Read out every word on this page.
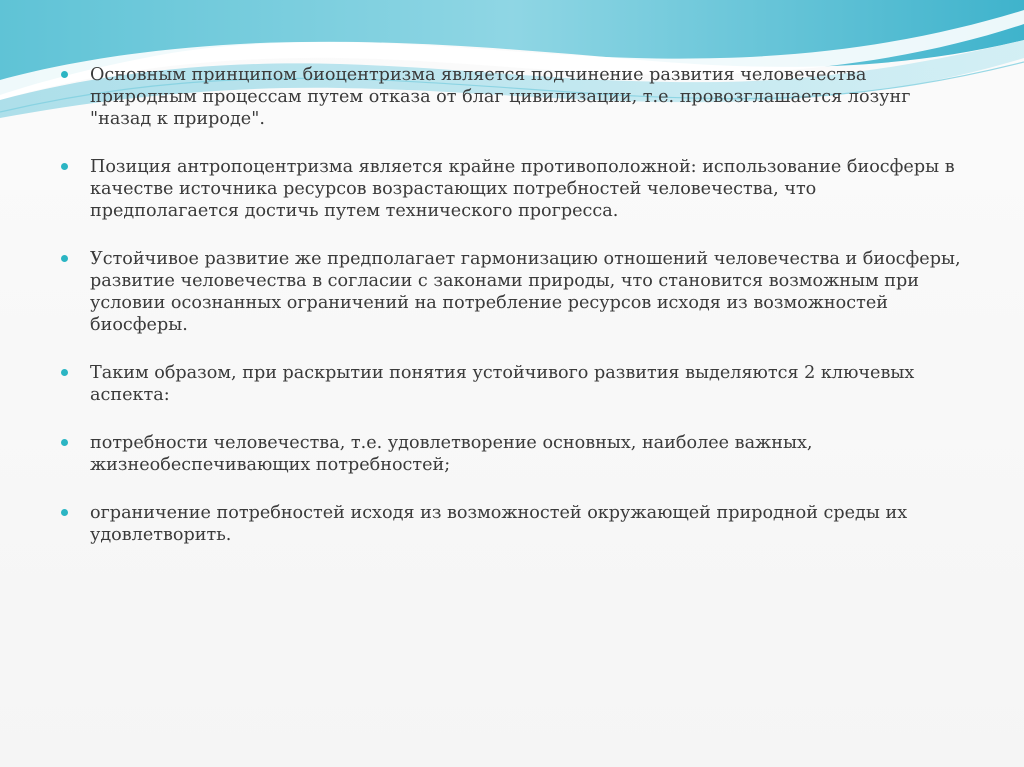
Основным принципом биоцентризма является подчинение развития человечества природным процессам путем отказа от благ цивилизации, т.е. провозглашается лозунг "назад к природе".
Позиция антропоцентризма является крайне противоположной: использование биосферы в качестве источника ресурсов возрастающих потребностей человечества, что предполагается достичь путем технического прогресса.
Устойчивое развитие же предполагает гармонизацию отношений человечества и биосферы, развитие человечества в согласии с законами природы, что становится возможным при условии осознанных ограничений на потребление ресурсов исходя из возможностей биосферы.
Таким образом, при раскрытии понятия устойчивого развития выделяются 2 ключевых аспекта:
потребности человечества, т.е. удовлетворение основных, наиболее важных, жизнеобеспечивающих потребностей;
ограничение потребностей исходя из возможностей окружающей природной среды их удовлетворить.
